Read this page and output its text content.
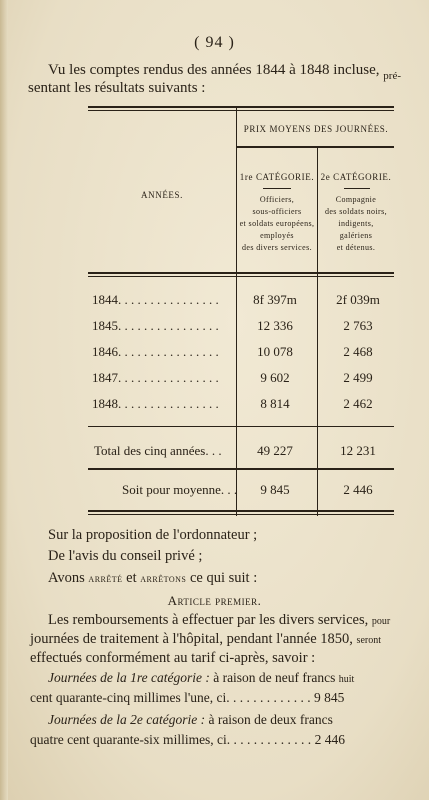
( 94 )
Vu les comptes rendus des années 1844 à 1848 incluse, $_{pré-}$
sentant les résultats suivants :
PRIX MOYENS DES JOURNÉES.
ANNÉES.
1re CATÉGORIE.
Officiers,
sous-officiers
et soldats européens,
employés
des divers services.
2e CATÉGORIE.
Compagnie
des soldats noirs,
indigents,
galériens
et détenus.
1844. . . . . . . . . . . . . . . .	8f 397m	2f 039m
1845. . . . . . . . . . . . . . . .	12 336	2 763
1846. . . . . . . . . . . . . . . .	10 078	2 468
1847. . . . . . . . . . . . . . . .	9 602	2 499
1848. . . . . . . . . . . . . . . .	8 814	2 462
Total des cinq années. . .	49 227	12 231
Soit pour moyenne. . .	9 845	2 446
Sur la proposition de l'ordonnateur ;
De l'avis du conseil privé ;
Avons arrêté et arrêtons ce qui suit :
Article premier.
Les remboursements à effectuer par les divers services, pour
journées de traitement à l'hôpital, pendant l'année 1850, seront
effectués conformément au tarif ci-après, savoir :
Journées de la 1re catégorie : à raison de neuf francs huit
cent quarante-cinq millimes l'une, ci. . . . . . . . . . . . . 9 845
Journées de la 2e catégorie : à raison de deux francs
quatre cent quarante-six millimes, ci. . . . . . . . . . . . . 2 446
